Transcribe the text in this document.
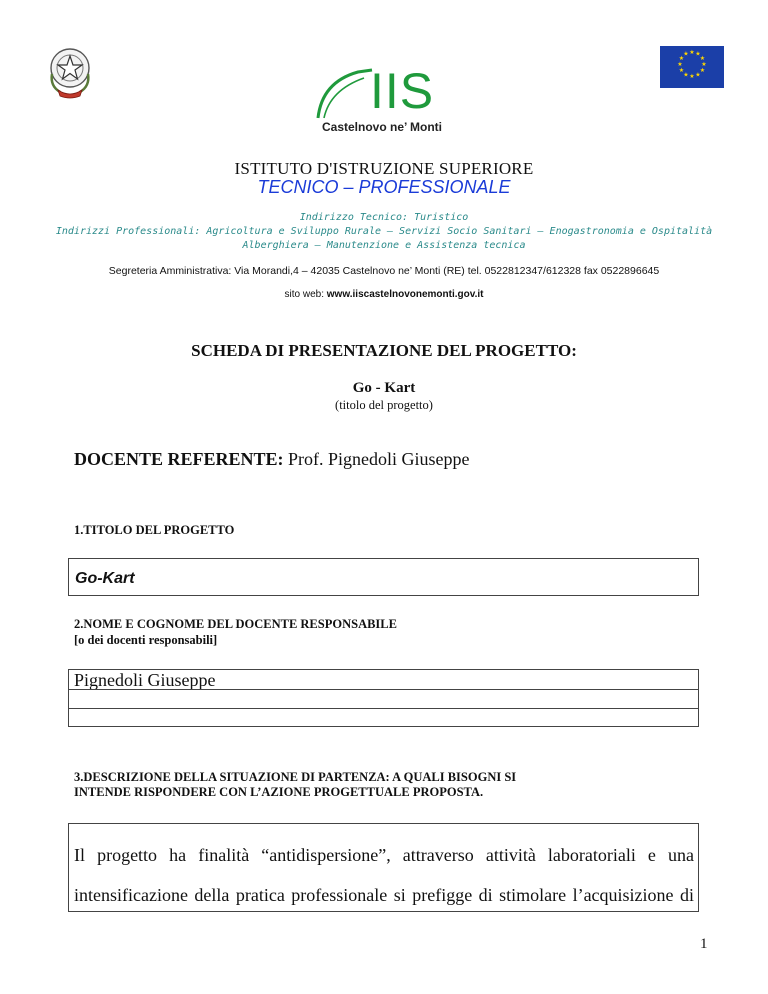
★ ★
★
★
★
★
★
★
★
★
★
★
IIS
Castelnovo ne’ Monti
ISTITUTO D'ISTRUZIONE SUPERIORE
TECNICO – PROFESSIONALE
Indirizzo Tecnico: Turistico
Indirizzi Professionali: Agricoltura e Sviluppo Rurale – Servizi Socio Sanitari – Enogastronomia e Ospitalità
Alberghiera – Manutenzione e Assistenza tecnica
Segreteria Amministrativa: Via Morandi,4 – 42035 Castelnovo ne’ Monti (RE) tel. 0522812347/612328 fax 0522896645
sito web: www.iiscastelnovonemonti.gov.it
SCHEDA DI PRESENTAZIONE DEL PROGETTO:
Go - Kart
(titolo del progetto)
DOCENTE REFERENTE: Prof. Pignedoli Giuseppe
1.TITOLO DEL PROGETTO
Go-Kart
2.NOME E COGNOME DEL DOCENTE RESPONSABILE
[o dei docenti responsabili]
Pignedoli Giuseppe
3.DESCRIZIONE DELLA SITUAZIONE DI PARTENZA: A QUALI BISOGNI SI
INTENDE RISPONDERE CON L’AZIONE PROGETTUALE PROPOSTA.
Il progetto ha finalità “antidispersione”, attraverso attività laboratoriali e una
intensificazione della pratica professionale si prefigge di stimolare l’acquisizione di
1
